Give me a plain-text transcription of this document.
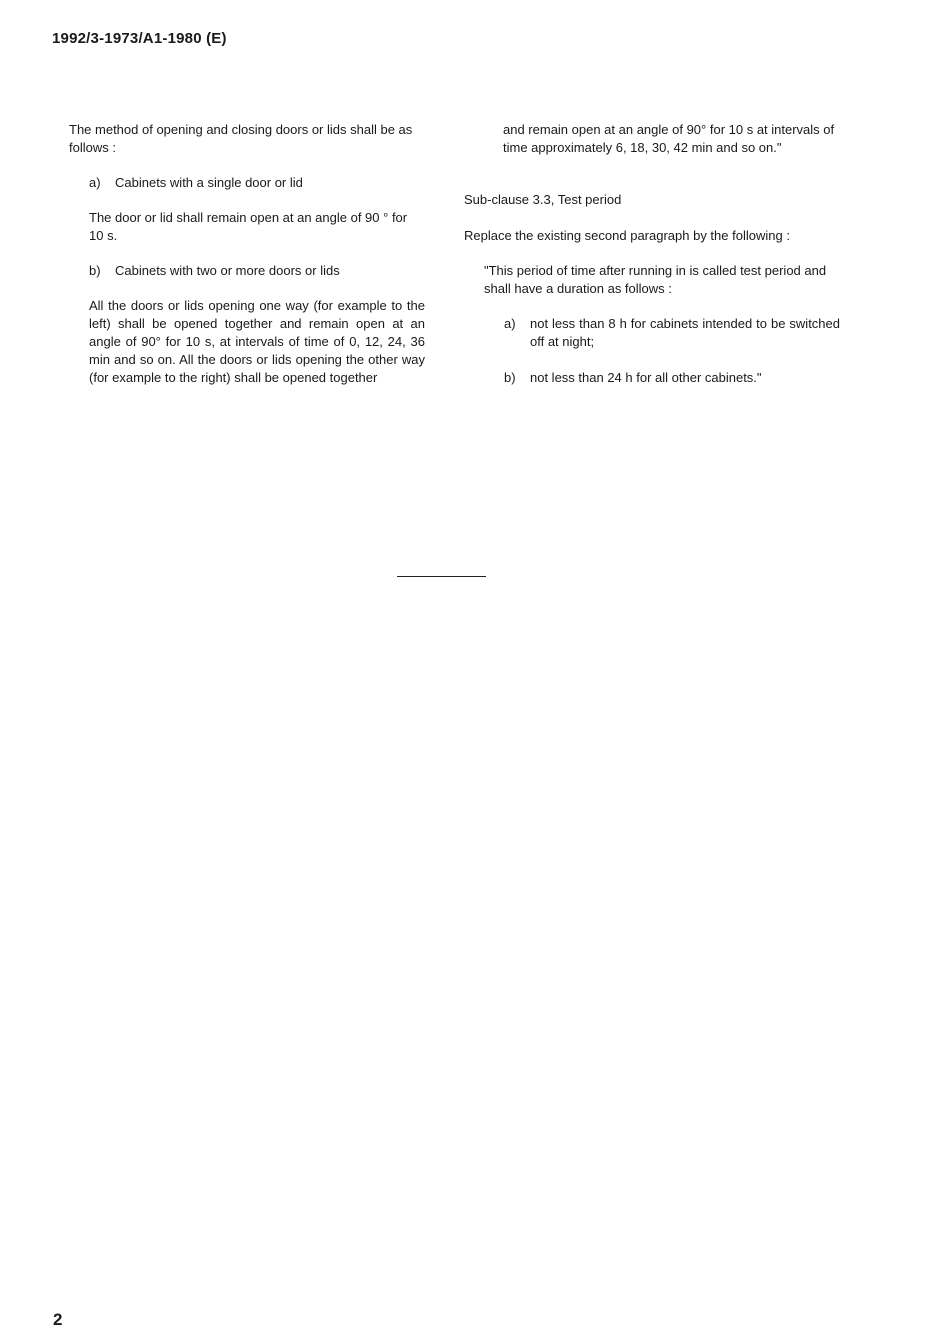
1992/3-1973/A1-1980 (E)

The method of opening and closing doors or lids shall be as follows :

a)	Cabinets with a single door or lid

The door or lid shall remain open at an angle of 90 ° for 10 s.

b)	Cabinets with two or more doors or lids

All the doors or lids opening one way (for example to the left) shall be opened together and remain open at an angle of 90° for 10 s, at intervals of time of 0, 12, 24, 36 min and so on. All the doors or lids opening the other way (for example to the right) shall be opened together

and remain open at an angle of 90° for 10 s at intervals of time approximately 6, 18, 30, 42 min and so on."

Sub-clause 3.3, Test period

Replace the existing second paragraph by the following :

"This period of time after running in is called test period and shall have a duration as follows :

a)	not less than 8 h for cabinets intended to be switched off at night;
b)	not less than 24 h for all other cabinets."
2
